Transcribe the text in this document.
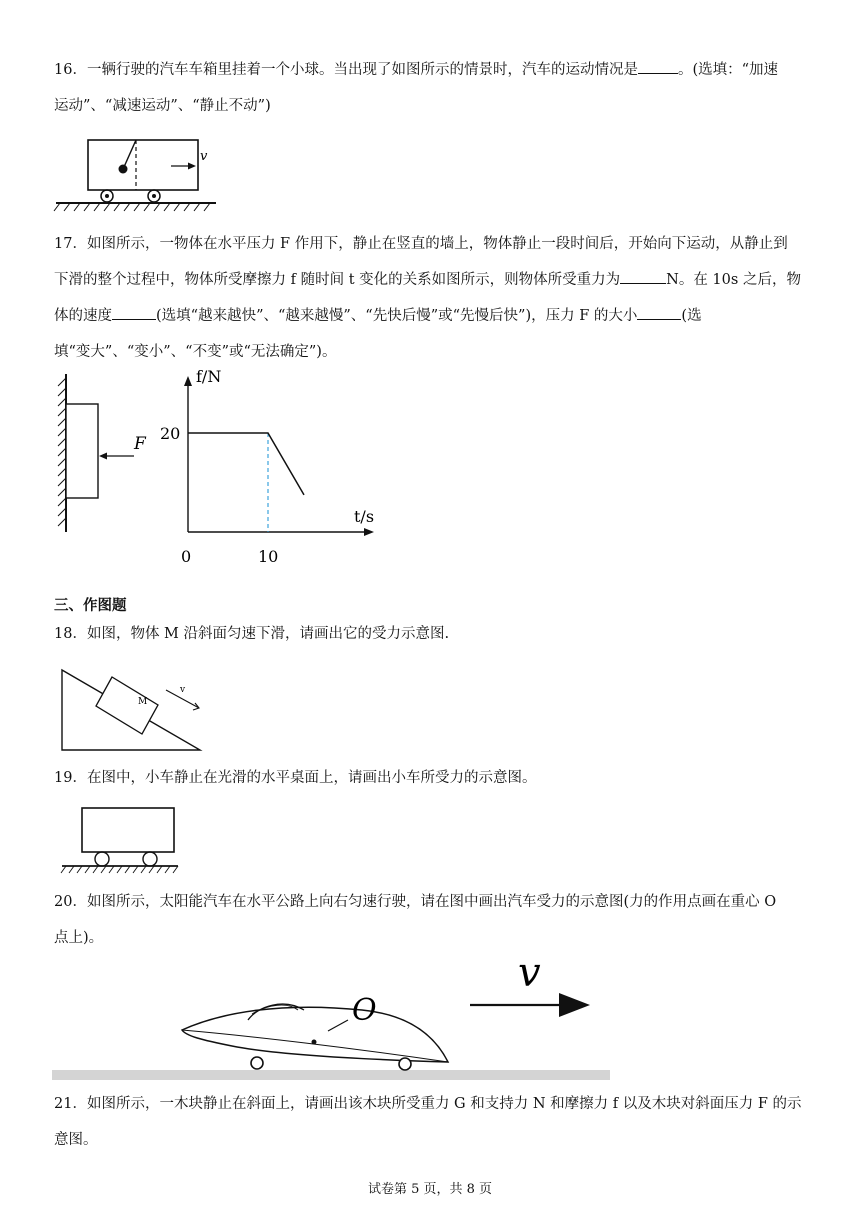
16．一辆行驶的汽车车箱里挂着一个小球。当出现了如图所示的情景时，汽车的运动情况是	。(选填：“加速
运动”、“减速运动”、“静止不动”)

v

17．如图所示，一物体在水平压力 F 作用下，静止在竖直的墙上，物体静止一段时间后，开始向下运动，从静止到
下滑的整个过程中，物体所受摩擦力 f 随时间 t 变化的关系如图所示，则物体所受重力为	N。在 10s 之后，物
体的速度	(选填“越来越快”、“越来越慢”、“先快后慢”或“先慢后快”)，压力 F 的大小	(选
填“变大”、“变小”、“不变”或“无法确定”)。

F
f/N
t/s
0	10
20
三、作图题

18．如图，物体 M 沿斜面匀速下滑，请画出它的受力示意图.

M
v

19．在图中，小车静止在光滑的水平桌面上，请画出小车所受力的示意图。

20．如图所示，太阳能汽车在水平公路上向右匀速行驶，请在图中画出汽车受力的示意图(力的作用点画在重心 O
点上)。

O
v

21．如图所示，一木块静止在斜面上，请画出该木块所受重力 G 和支持力 N 和摩擦力 f 以及木块对斜面压力 F 的示
意图。

试卷第 5 页，共 8 页
